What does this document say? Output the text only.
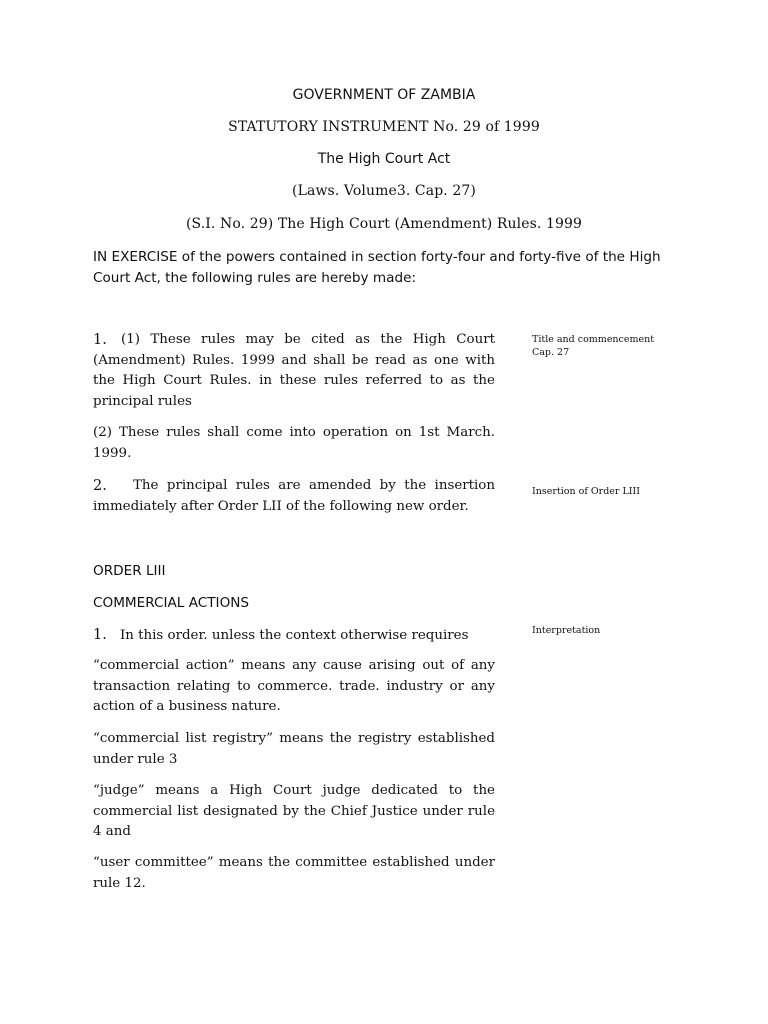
GOVERNMENT OF ZAMBIA
STATUTORY INSTRUMENT No. 29 of 1999
The High Court Act
(Laws. Volume3. Cap. 27)
(S.I. No. 29) The High Court (Amendment) Rules. 1999

IN EXERCISE of the powers contained in section forty-four and forty-five of the High Court Act, the following rules are hereby made:

1. (1) These rules may be cited as the High Court (Amendment) Rules. 1999 and shall be read as one with the High Court Rules. in these rules referred to as the principal rules

(2) These rules shall come into operation on 1st March. 1999.

Title and commencement
Cap. 27

2. The principal rules are amended by the insertion immediately after Order LII of the following new order.

Insertion of Order LIII
ORDER LIII
COMMERCIAL ACTIONS
1. In this order. unless the context otherwise requires	Interpretation

“commercial action” means any cause arising out of any transaction relating to commerce. trade. industry or any action of a business nature.

“commercial list registry” means the registry established under rule 3

“judge” means a High Court judge dedicated to the commercial list designated by the Chief Justice under rule 4 and

“user committee” means the committee established under rule 12.
